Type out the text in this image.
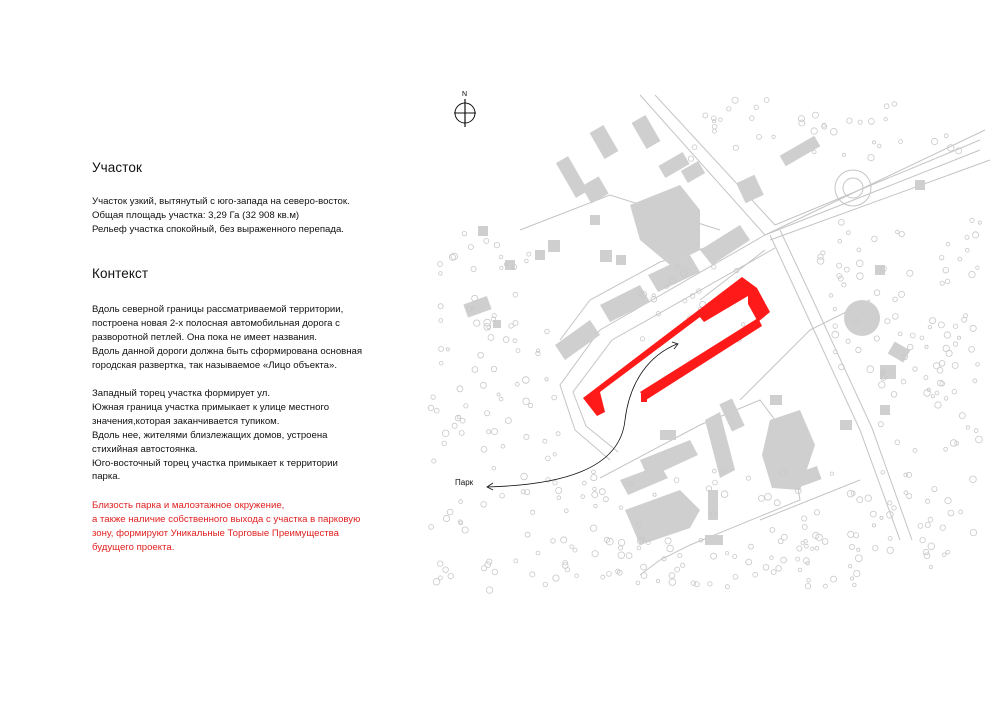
Участок
Участок узкий, вытянутый с юго-запада на северо-восток.
Общая площадь участка: 3,29 Га (32 908 кв.м)
Рельеф участка спокойный, без выраженного перепада.
Контекст
Вдоль северной границы рассматриваемой территории,
построена новая 2-х полосная автомобильная дорога с
разворотной петлей. Она пока не имеет названия.
Вдоль данной дороги должна быть сформирована основная
городская развертка, так называемое «Лицо объекта».
Западный торец участка формирует ул.
Южная граница участка примыкает к улице местного
значения,которая заканчивается тупиком.
Вдоль нее, жителями близлежащих домов, устроена
стихийная автостоянка.
Юго-восточный торец участка примыкает к территории
парка.
Близость парка и малоэтажное окружение,
а также наличие собственного выхода с участка в парковую
зону, формируют Уникальные Торговые Преимущества
будущего проекта.
N
Парк
